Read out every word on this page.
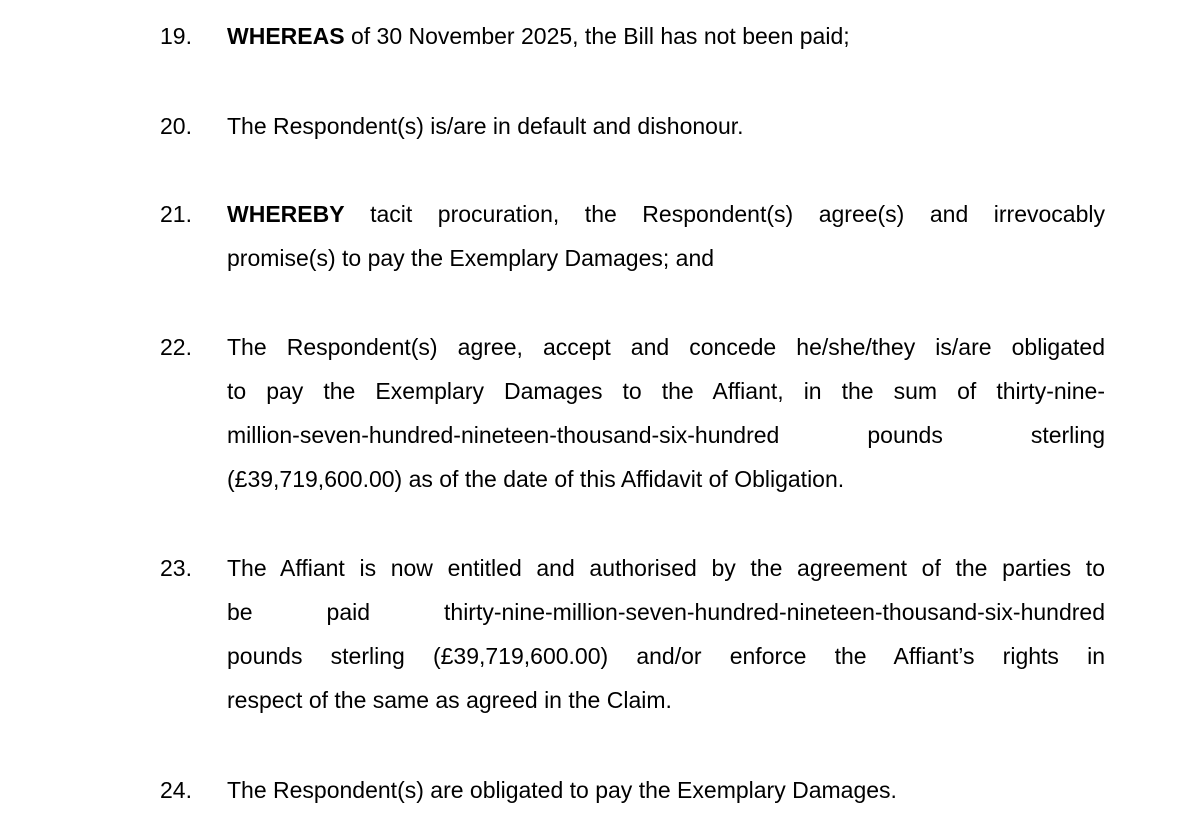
19. WHEREAS of 30 November 2025, the Bill has not been paid;
20. The Respondent(s) is/are in default and dishonour.
21. WHEREBY tacit procuration, the Respondent(s) agree(s) and irrevocably
promise(s) to pay the Exemplary Damages; and
22. The Respondent(s) agree, accept and concede he/she/they is/are obligated
to pay the Exemplary Damages to the Affiant, in the sum of thirty-nine-
million-seven-hundred-nineteen-thousand-six-hundred pounds sterling
(£39,719,600.00) as of the date of this Affidavit of Obligation.
23. The Affiant is now entitled and authorised by the agreement of the parties to
be paid thirty-nine-million-seven-hundred-nineteen-thousand-six-hundred
pounds sterling (£39,719,600.00) and/or enforce the Affiant’s rights in
respect of the same as agreed in the Claim.
24. The Respondent(s) are obligated to pay the Exemplary Damages.
